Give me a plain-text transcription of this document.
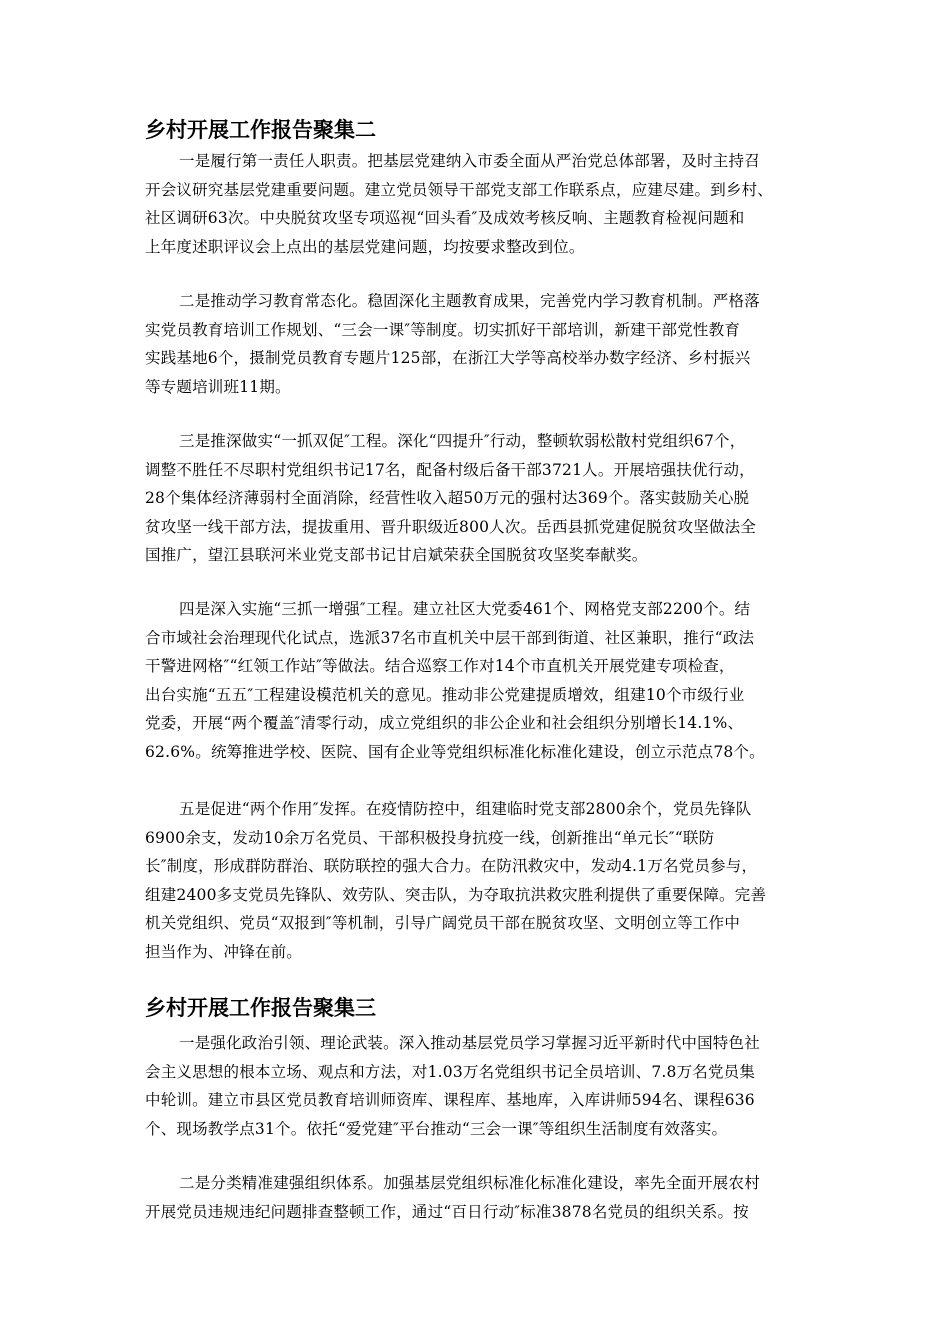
乡村开展工作报告聚集二
一是履行第一责任人职责。把基层党建纳入市委全面从严治党总体部署，及时主持召
开会议研究基层党建重要问题。建立党员领导干部党支部工作联系点，应建尽建。到乡村、
社区调研63次。中央脱贫攻坚专项巡视“回头看″及成效考核反响、主题教育检视问题和
上年度述职评议会上点出的基层党建问题，均按要求整改到位。
二是推动学习教育常态化。稳固深化主题教育成果，完善党内学习教育机制。严格落
实党员教育培训工作规划、“三会一课″等制度。切实抓好干部培训，新建干部党性教育
实践基地6个，摄制党员教育专题片125部，在浙江大学等高校举办数字经济、乡村振兴
等专题培训班11期。
三是推深做实“一抓双促″工程。深化“四提升″行动，整顿软弱松散村党组织67个，
调整不胜任不尽职村党组织书记17名，配备村级后备干部3721人。开展培强扶优行动，
28个集体经济薄弱村全面消除，经营性收入超50万元的强村达369个。落实鼓励关心脱
贫攻坚一线干部方法，提拔重用、晋升职级近800人次。岳西县抓党建促脱贫攻坚做法全
国推广，望江县联河米业党支部书记甘启斌荣获全国脱贫攻坚奖奉献奖。
四是深入实施“三抓一增强″工程。建立社区大党委461个、网格党支部2200个。结
合市域社会治理现代化试点，选派37名市直机关中层干部到街道、社区兼职，推行“政法
干警进网格″“红领工作站″等做法。结合巡察工作对14个市直机关开展党建专项检查，
出台实施“五五″工程建设模范机关的意见。推动非公党建提质增效，组建10个市级行业
党委，开展“两个覆盖″清零行动，成立党组织的非公企业和社会组织分别增长14.1%、
62.6%。统筹推进学校、医院、国有企业等党组织标准化标准化建设，创立示范点78个。
五是促进“两个作用″发挥。在疫情防控中，组建临时党支部2800余个，党员先锋队
6900余支，发动10余万名党员、干部积极投身抗疫一线，创新推出“单元长″“联防
长″制度，形成群防群治、联防联控的强大合力。在防汛救灾中，发动4.1万名党员参与，
组建2400多支党员先锋队、效劳队、突击队，为夺取抗洪救灾胜利提供了重要保障。完善
机关党组织、党员“双报到″等机制，引导广阔党员干部在脱贫攻坚、文明创立等工作中
担当作为、冲锋在前。
乡村开展工作报告聚集三
一是强化政治引领、理论武装。深入推动基层党员学习掌握习近平新时代中国特色社
会主义思想的根本立场、观点和方法，对1.03万名党组织书记全员培训、7.8万名党员集
中轮训。建立市县区党员教育培训师资库、课程库、基地库，入库讲师594名、课程636
个、现场教学点31个。依托“爱党建″平台推动“三会一课″等组织生活制度有效落实。
二是分类精准建强组织体系。加强基层党组织标准化标准化建设，率先全面开展农村
开展党员违规违纪问题排查整顿工作，通过“百日行动″标准3878名党员的组织关系。按
